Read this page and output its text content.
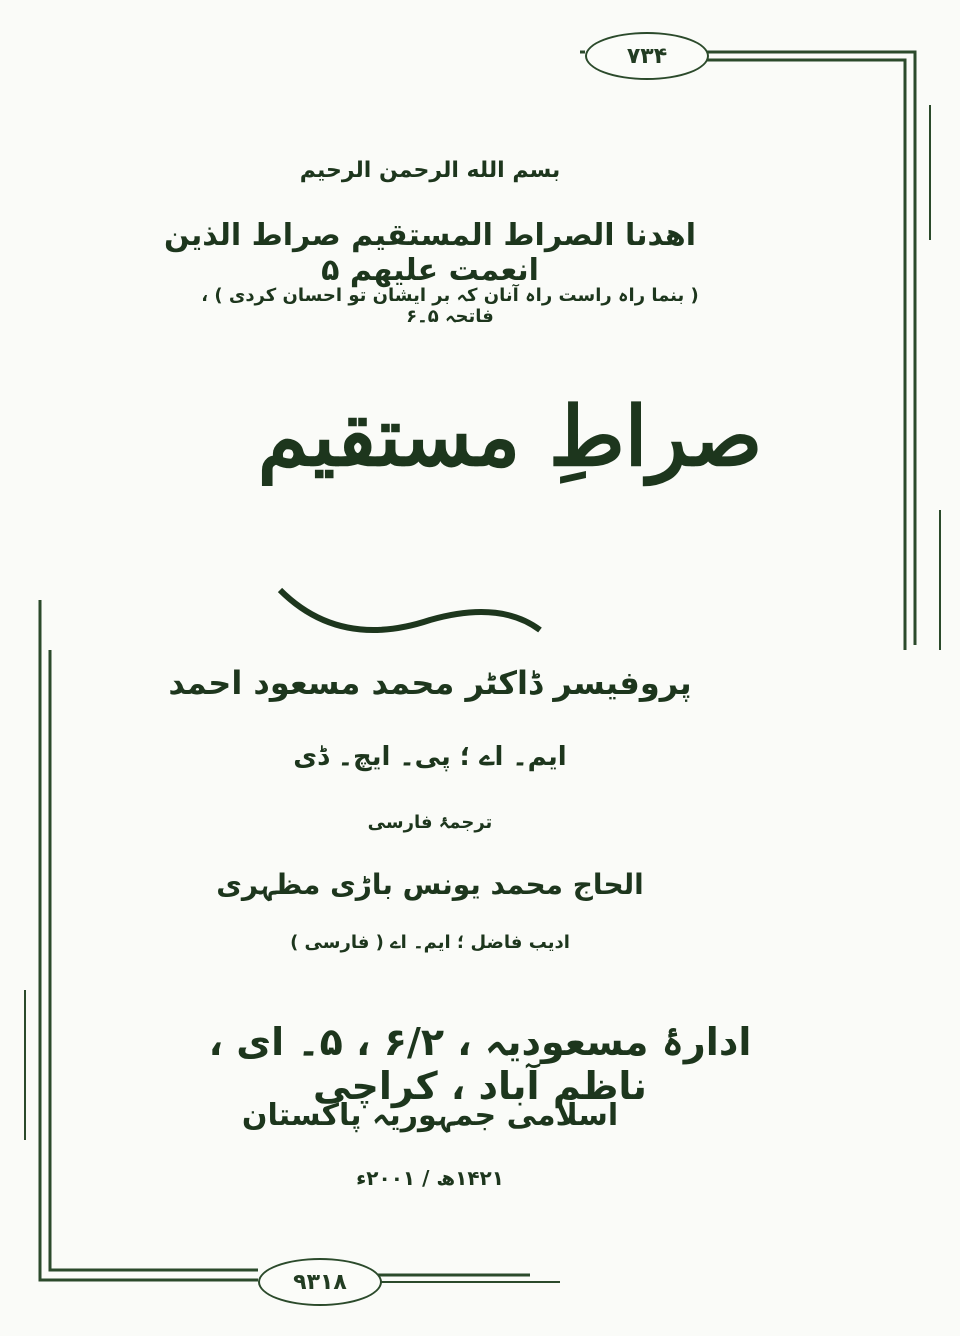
۷۳۴
بسم الله الرحمن الرحیم
اھدنا الصراط المستقیم صراط الذین انعمت علیھم ۵
( بنما راہ راست راہ آنان کہ بر ایشان تو احسان کردی ) ، فاتحہ ۵۔۶
صراطِ مستقیم
پروفیسر ڈاکٹر محمد مسعود احمد
ایم۔ اے ؛ پی۔ ایچ۔ ڈی
ترجمۂ فارسی
الحاج محمد یونس باڑی مظہری
ادیب فاضل ؛ ایم۔ اے ( فارسی )
ادارۂ مسعودیہ ، ۶/۲ ، ۵۔ ای ، ناظم آباد ، کراچی
اسلامی جمہوریہ پاکستان
۱۴۲۱ھ / ۲۰۰۱ء
۹۳۱۸
